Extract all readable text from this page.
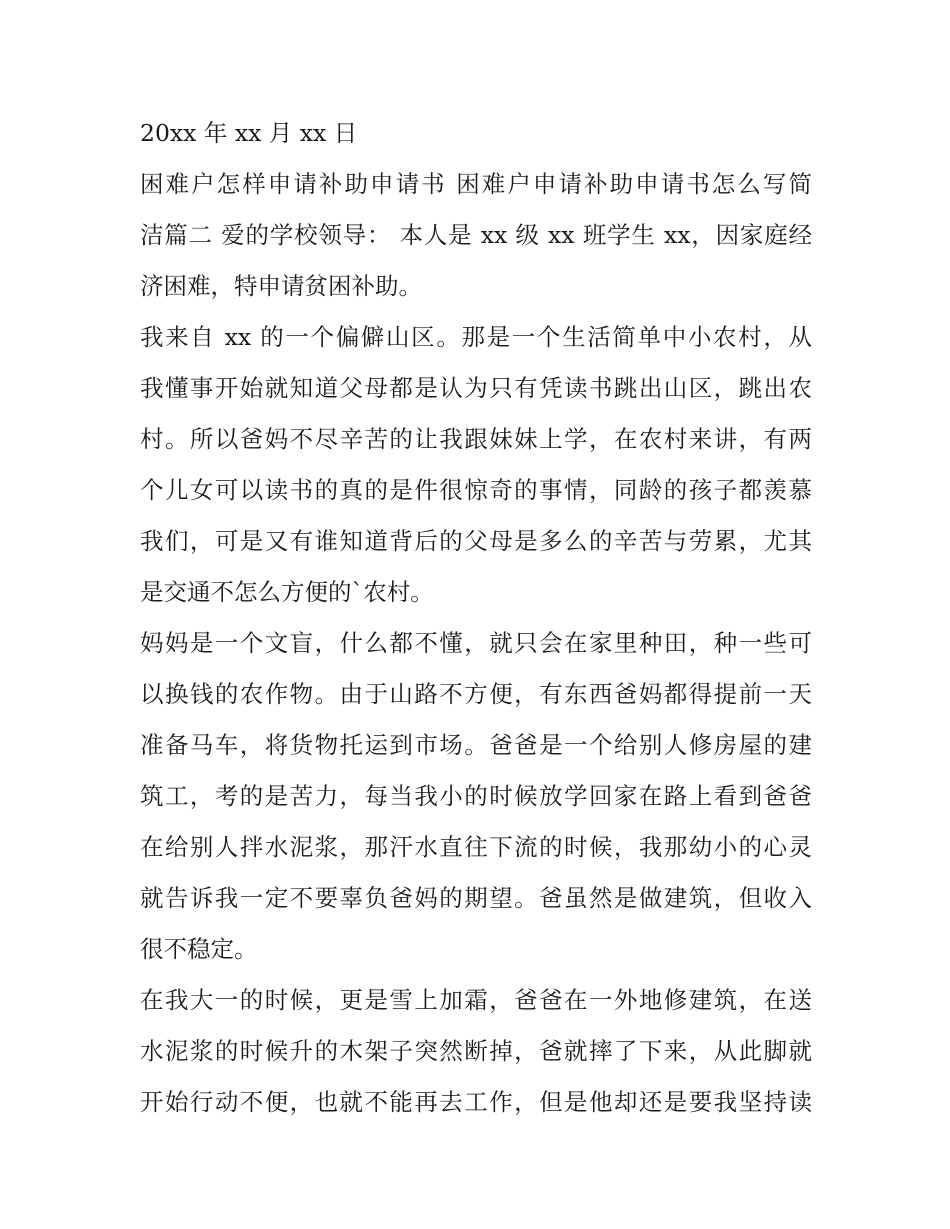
20xx 年 xx 月 xx 日
困难户怎样申请补助申请书 困难户申请补助申请书怎么写简
洁篇二 爱的学校领导： 本人是 xx 级 xx 班学生 xx，因家庭经
济困难，特申请贫困补助。
我来自 xx 的一个偏僻山区。那是一个生活简单中小农村，从
我懂事开始就知道父母都是认为只有凭读书跳出山区，跳出农
村。所以爸妈不尽辛苦的让我跟妹妹上学，在农村来讲，有两
个儿女可以读书的真的是件很惊奇的事情，同龄的孩子都羡慕
我们，可是又有谁知道背后的父母是多么的辛苦与劳累，尤其
是交通不怎么方便的`农村。
妈妈是一个文盲，什么都不懂，就只会在家里种田，种一些可
以换钱的农作物。由于山路不方便，有东西爸妈都得提前一天
准备马车，将货物托运到市场。爸爸是一个给别人修房屋的建
筑工，考的是苦力，每当我小的时候放学回家在路上看到爸爸
在给别人拌水泥浆，那汗水直往下流的时候，我那幼小的心灵
就告诉我一定不要辜负爸妈的期望。爸虽然是做建筑，但收入
很不稳定。
在我大一的时候，更是雪上加霜，爸爸在一外地修建筑，在送
水泥浆的时候升的木架子突然断掉，爸就摔了下来，从此脚就
开始行动不便，也就不能再去工作，但是他却还是要我坚持读
